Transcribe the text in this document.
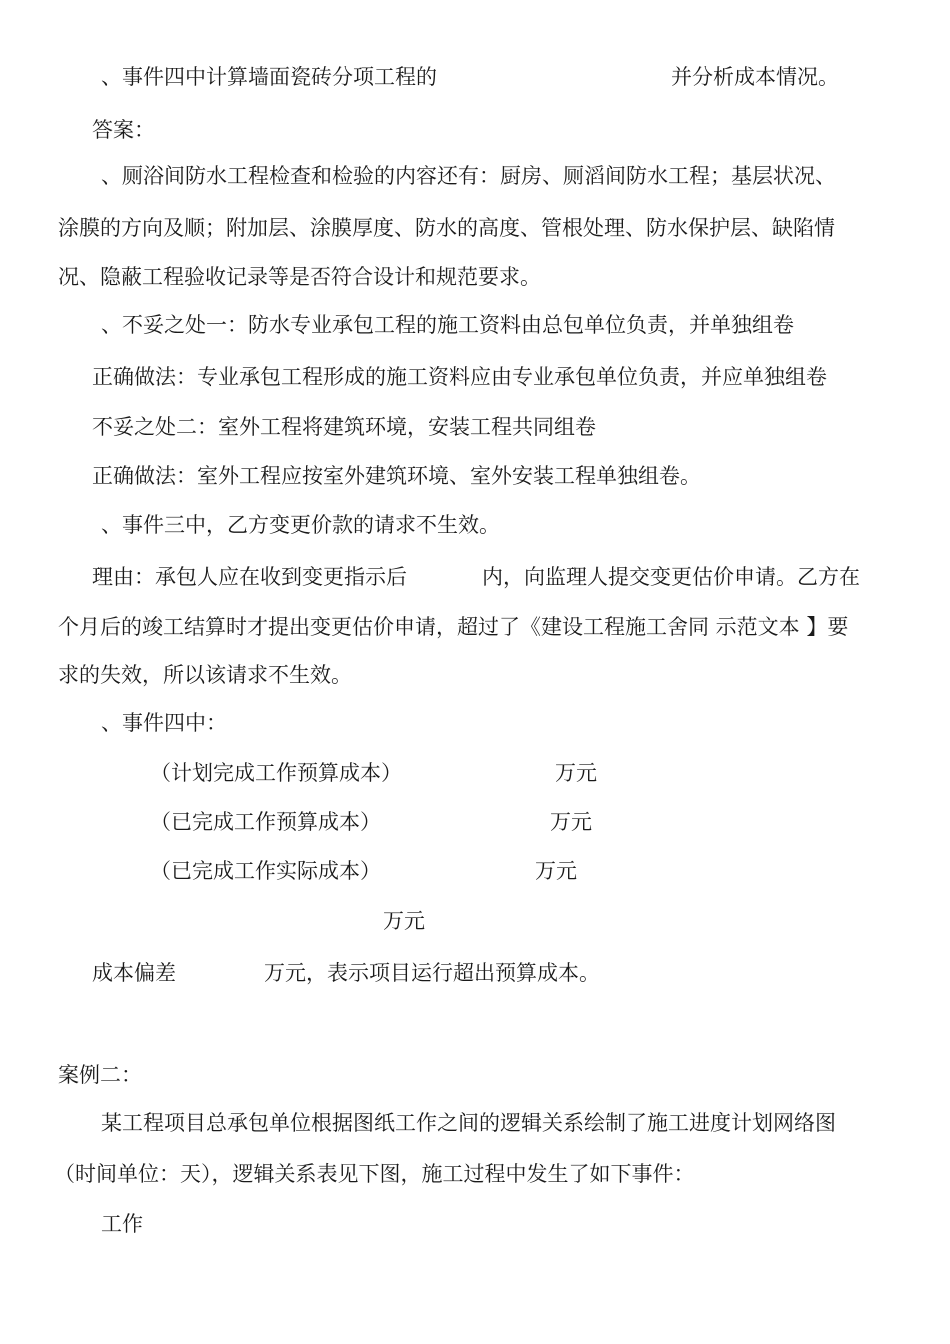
、事件四中计算墙面瓷砖分项工程的	并分析成本情况。
答案：
、厕浴间防水工程检查和检验的内容还有：厨房、厕滔间防水工程；基层状况、
涂膜的方向及顺；附加层、涂膜厚度、防水的高度、管根处理、防水保护层、缺陷情
况、隐蔽工程验收记录等是否符合设计和规范要求。
、不妥之处一：防水专业承包工程的施工资料由总包单位负责，并单独组卷
正确做法：专业承包工程形成的施工资料应由专业承包单位负责，并应单独组卷
不妥之处二：室外工程将建筑环境，安装工程共同组卷
正确做法：室外工程应按室外建筑环境、室外安装工程单独组卷。
、事件三中，乙方变更价款的请求不生效。
理由：承包人应在收到变更指示后	内，向监理人提交变更估价申请。乙方在
个月后的竣工结算时才提出变更估价申请，超过了《建设工程施工舍同 示范文本 】要
求的失效，所以该请求不生效。
、事件四中：
（计划完成工作预算成本）	万元
（已完成工作预算成本）	万元
（已完成工作实际成本）	万元
万元
成本偏差	万元，表示项目运行超出预算成本。
案例二：
某工程项目总承包单位根据图纸工作之间的逻辑关系绘制了施工进度计划网络图
（时间单位：天），逻辑关系表见下图，施工过程中发生了如下事件：
工作
